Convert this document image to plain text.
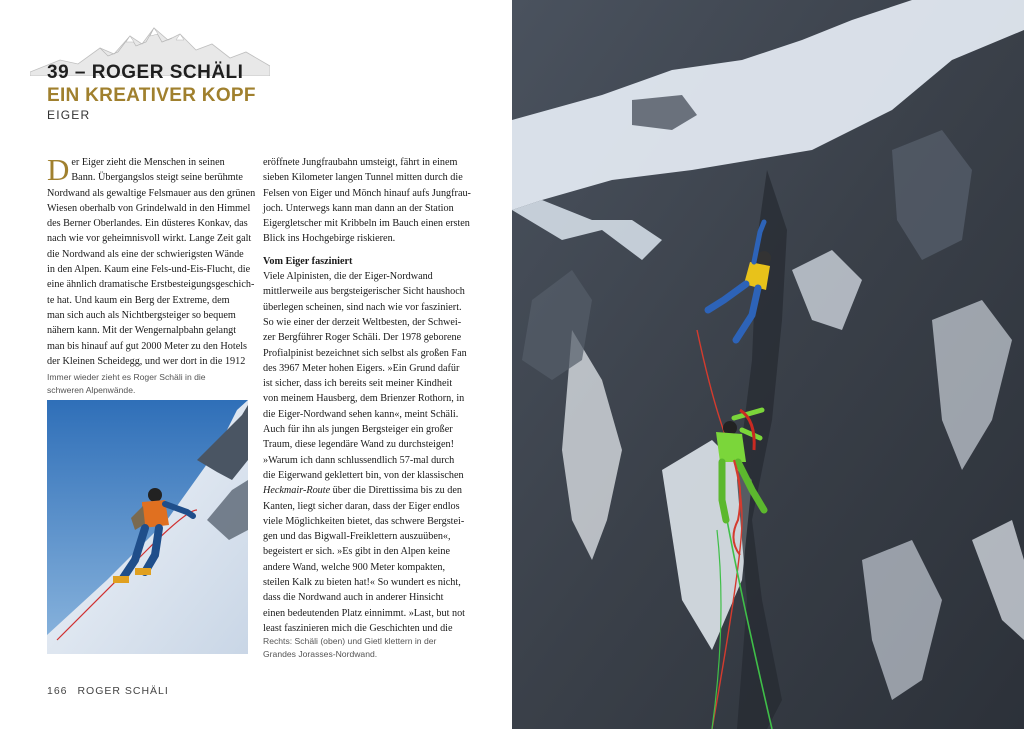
39 – ROGER SCHÄLI
EIN KREATIVER KOPF
EIGER
D er Eiger zieht die Menschen in seinen

Bann. Übergangslos steigt seine berühmte

Nordwand als gewaltige Felsmauer aus den grünen

Wiesen oberhalb von Grindelwald in den Himmel

des Berner Oberlandes. Ein düsteres Konkav, das

nach wie vor geheimnisvoll wirkt. Lange Zeit galt

die Nordwand als eine der schwierigsten Wände

in den Alpen. Kaum eine Fels-und-Eis-Flucht, die

eine ähnlich dramatische Erstbesteigungsgeschich-

te hat. Und kaum ein Berg der Extreme, dem

man sich auch als Nichtbergsteiger so bequem

nähern kann. Mit der Wengernalpbahn gelangt

man bis hinauf auf gut 2000 Meter zu den Hotels

der Kleinen Scheidegg, und wer dort in die 1912

Immer wieder zieht es Roger Schäli in die
schweren Alpenwände.

eröffnete Jungfraubahn umsteigt, fährt in einem

sieben Kilometer langen Tunnel mitten durch die

Felsen von Eiger und Mönch hinauf aufs Jungfrau-

joch. Unterwegs kann man dann an der Station

Eigergletscher mit Kribbeln im Bauch einen ersten

Blick ins Hochgebirge riskieren.

Vom Eiger fasziniert

Viele Alpinisten, die der Eiger-Nordwand

mittlerweile aus bergsteigerischer Sicht haushoch

überlegen scheinen, sind nach wie vor fasziniert.

So wie einer der derzeit Weltbesten, der Schwei-

zer Bergführer Roger Schäli. Der 1978 geborene

Profialpinist bezeichnet sich selbst als großen Fan

des 3967 Meter hohen Eigers. »Ein Grund dafür

ist sicher, dass ich bereits seit meiner Kindheit

von meinem Hausberg, dem Brienzer Rothorn, in

die Eiger-Nordwand sehen kann«, meint Schäli.

Auch für ihn als jungen Bergsteiger ein großer

Traum, diese legendäre Wand zu durchsteigen!

»Warum ich dann schlussendlich 57-mal durch

die Eigerwand geklettert bin, von der klassischen

Heckmair-Route über die Direttissima bis zu den

Kanten, liegt sicher daran, dass der Eiger endlos

viele Möglichkeiten bietet, das schwere Bergstei-

gen und das Bigwall-Freiklettern auszuüben«,

begeistert er sich. »Es gibt in den Alpen keine

andere Wand, welche 900 Meter kompakten,

steilen Kalk zu bieten hat!« So wundert es nicht,

dass die Nordwand auch in anderer Hinsicht

einen bedeutenden Platz einnimmt. »Last, but not

least faszinieren mich die Geschichten und die

Rechts: Schäli (oben) und Gietl klettern in der
Grandes Jorasses-Nordwand.
166 ROGER SCHÄLI
